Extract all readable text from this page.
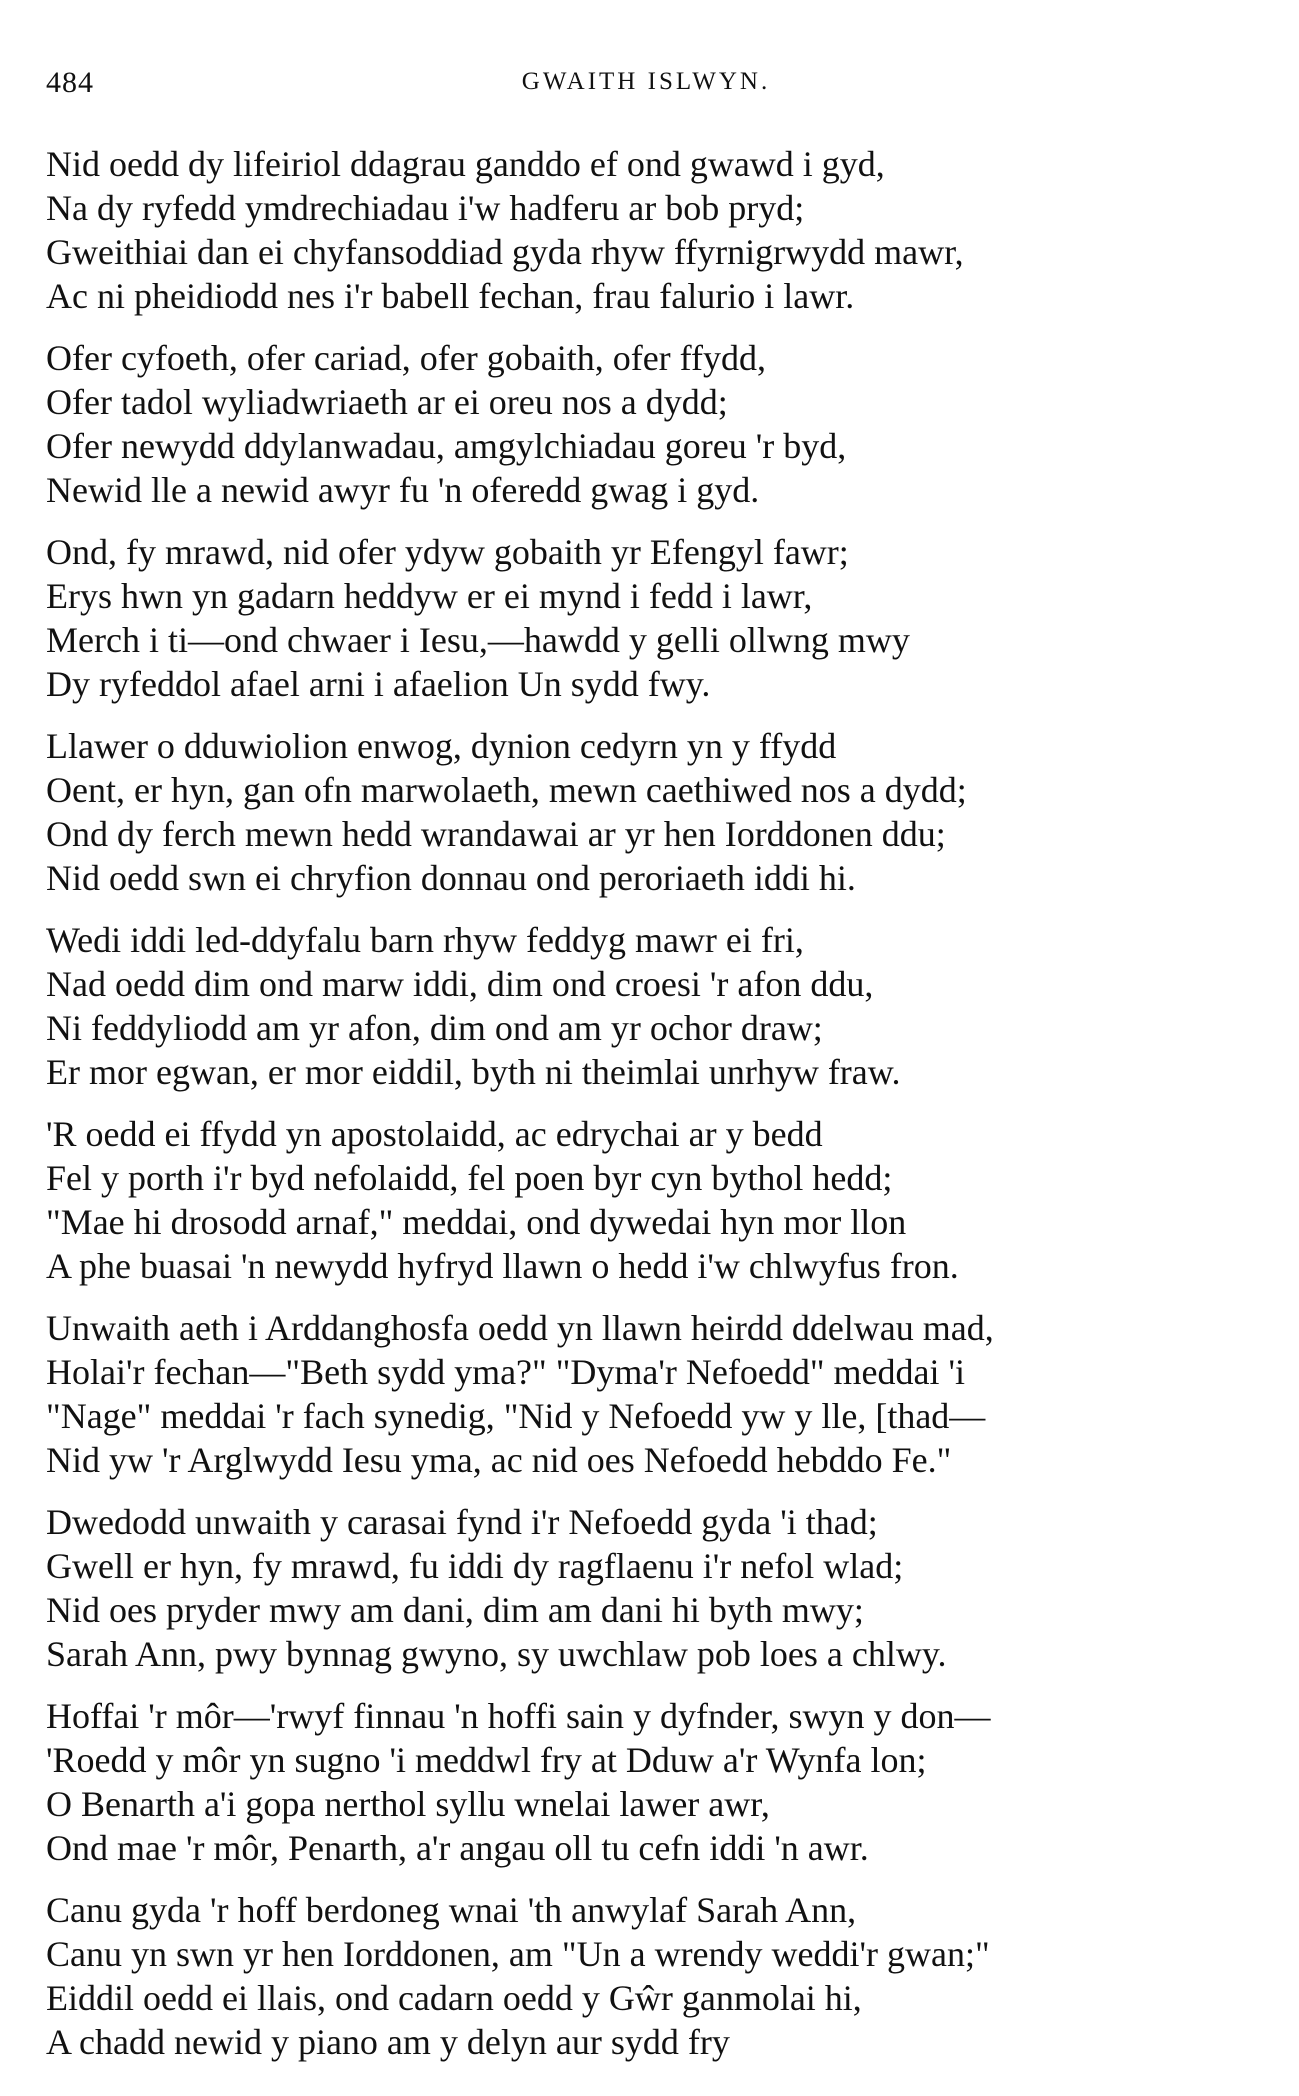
484	GWAITH ISLWYN.
Nid oedd dy lifeiriol ddagrau ganddo ef ond gwawd i gyd,
Na dy ryfedd ymdrechiadau i'w hadferu ar bob pryd;
Gweithiai dan ei chyfansoddiad gyda rhyw ffyrnigrwydd mawr,
Ac ni pheidiodd nes i'r babell fechan, frau falurio i lawr.
Ofer cyfoeth, ofer cariad, ofer gobaith, ofer ffydd,
Ofer tadol wyliadwriaeth ar ei oreu nos a dydd;
Ofer newydd ddylanwadau, amgylchiadau goreu 'r byd,
Newid lle a newid awyr fu 'n oferedd gwag i gyd.
Ond, fy mrawd, nid ofer ydyw gobaith yr Efengyl fawr;
Erys hwn yn gadarn heddyw er ei mynd i fedd i lawr,
Merch i ti—ond chwaer i Iesu,—hawdd y gelli ollwng mwy
Dy ryfeddol afael arni i afaelion Un sydd fwy.
Llawer o dduwiolion enwog, dynion cedyrn yn y ffydd
Oent, er hyn, gan ofn marwolaeth, mewn caethiwed nos a dydd;
Ond dy ferch mewn hedd wrandawai ar yr hen Iorddonen ddu;
Nid oedd swn ei chryfion donnau ond peroriaeth iddi hi.
Wedi iddi led-ddyfalu barn rhyw feddyg mawr ei fri,
Nad oedd dim ond marw iddi, dim ond croesi 'r afon ddu,
Ni feddyliodd am yr afon, dim ond am yr ochor draw;
Er mor egwan, er mor eiddil, byth ni theimlai unrhyw fraw.
'R oedd ei ffydd yn apostolaidd, ac edrychai ar y bedd
Fel y porth i'r byd nefolaidd, fel poen byr cyn bythol hedd;
"Mae hi drosodd arnaf," meddai, ond dywedai hyn mor llon
A phe buasai 'n newydd hyfryd llawn o hedd i'w chlwyfus fron.
Unwaith aeth i Arddanghosfa oedd yn llawn heirdd ddelwau mad,
Holai'r fechan—"Beth sydd yma?" "Dyma'r Nefoedd" meddai 'i
"Nage" meddai 'r fach synedig, "Nid y Nefoedd yw y lle, [thad—
Nid yw 'r Arglwydd Iesu yma, ac nid oes Nefoedd hebddo Fe."
Dwedodd unwaith y carasai fynd i'r Nefoedd gyda 'i thad;
Gwell er hyn, fy mrawd, fu iddi dy ragflaenu i'r nefol wlad;
Nid oes pryder mwy am dani, dim am dani hi byth mwy;
Sarah Ann, pwy bynnag gwyno, sy uwchlaw pob loes a chlwy.
Hoffai 'r môr—'rwyf finnau 'n hoffi sain y dyfnder, swyn y don—
'Roedd y môr yn sugno 'i meddwl fry at Dduw a'r Wynfa lon;
O Benarth a'i gopa nerthol syllu wnelai lawer awr,
Ond mae 'r môr, Penarth, a'r angau oll tu cefn iddi 'n awr.
Canu gyda 'r hoff berdoneg wnai 'th anwylaf Sarah Ann,
Canu yn swn yr hen Iorddonen, am "Un a wrendy weddi'r gwan;"
Eiddil oedd ei llais, ond cadarn oedd y Gŵr ganmolai hi,
A chadd newid y piano am y delyn aur sydd fry
